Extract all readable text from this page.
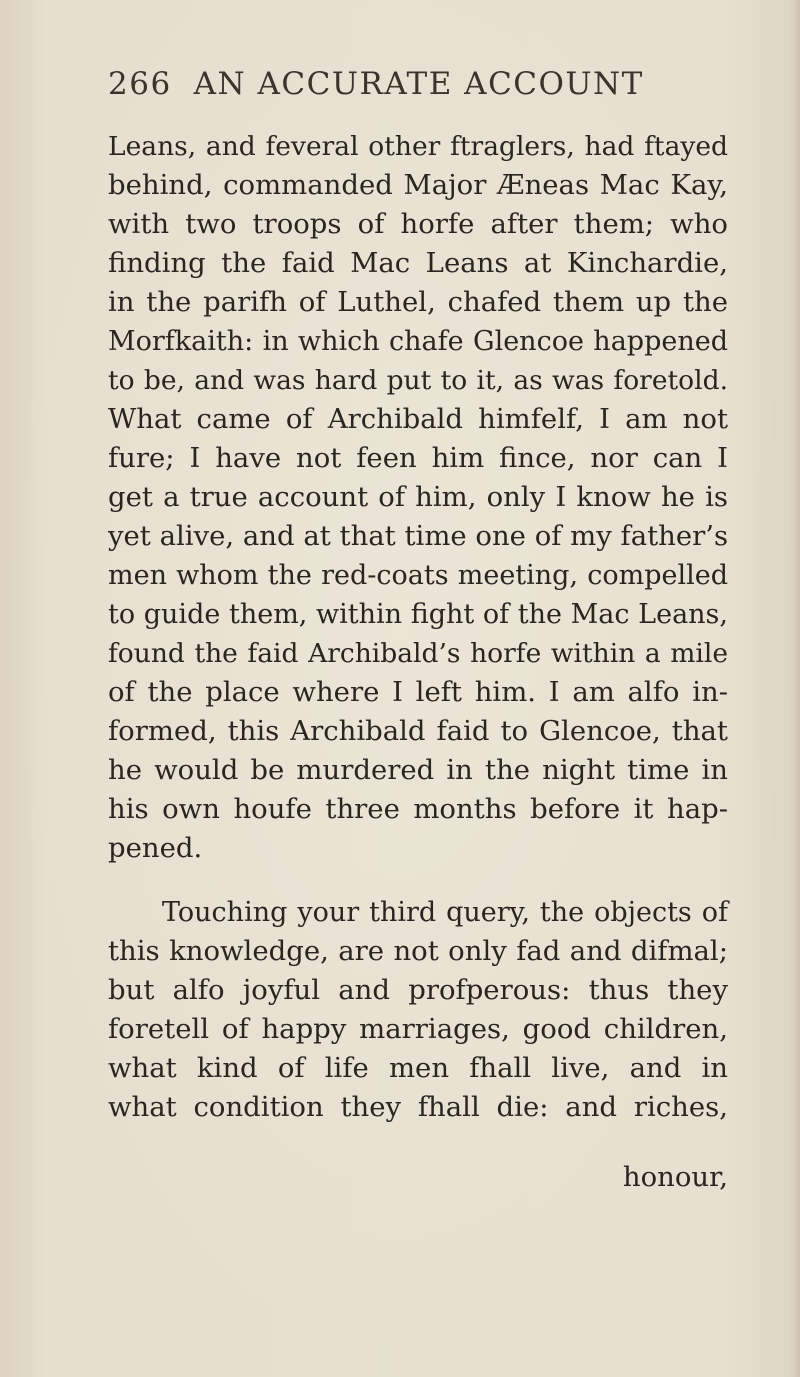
266 AN ACCURATE ACCOUNT
Leans, and feveral other ftraglers, had ftayed
behind, commanded Major Æneas Mac Kay,
with two troops of horfe after them; who
finding the faid Mac Leans at Kinchardie,
in the parifh of Luthel, chafed them up the
Morfkaith: in which chafe Glencoe happened
to be, and was hard put to it, as was foretold.
What came of Archibald himfelf, I am not
fure; I have not feen him fince, nor can I
get a true account of him, only I know he is
yet alive, and at that time one of my father’s
men whom the red-coats meeting, compelled
to guide them, within fight of the Mac Leans,
found the faid Archibald’s horfe within a mile
of the place where I left him. I am alfo in-
formed, this Archibald faid to Glencoe, that
he would be murdered in the night time in
his own houfe three months before it hap-
pened.
Touching your third query, the objects of
this knowledge, are not only fad and difmal;
but alfo joyful and profperous: thus they
foretell of happy marriages, good children,
what kind of life men fhall live, and in
what condition they fhall die: and riches,
honour,
